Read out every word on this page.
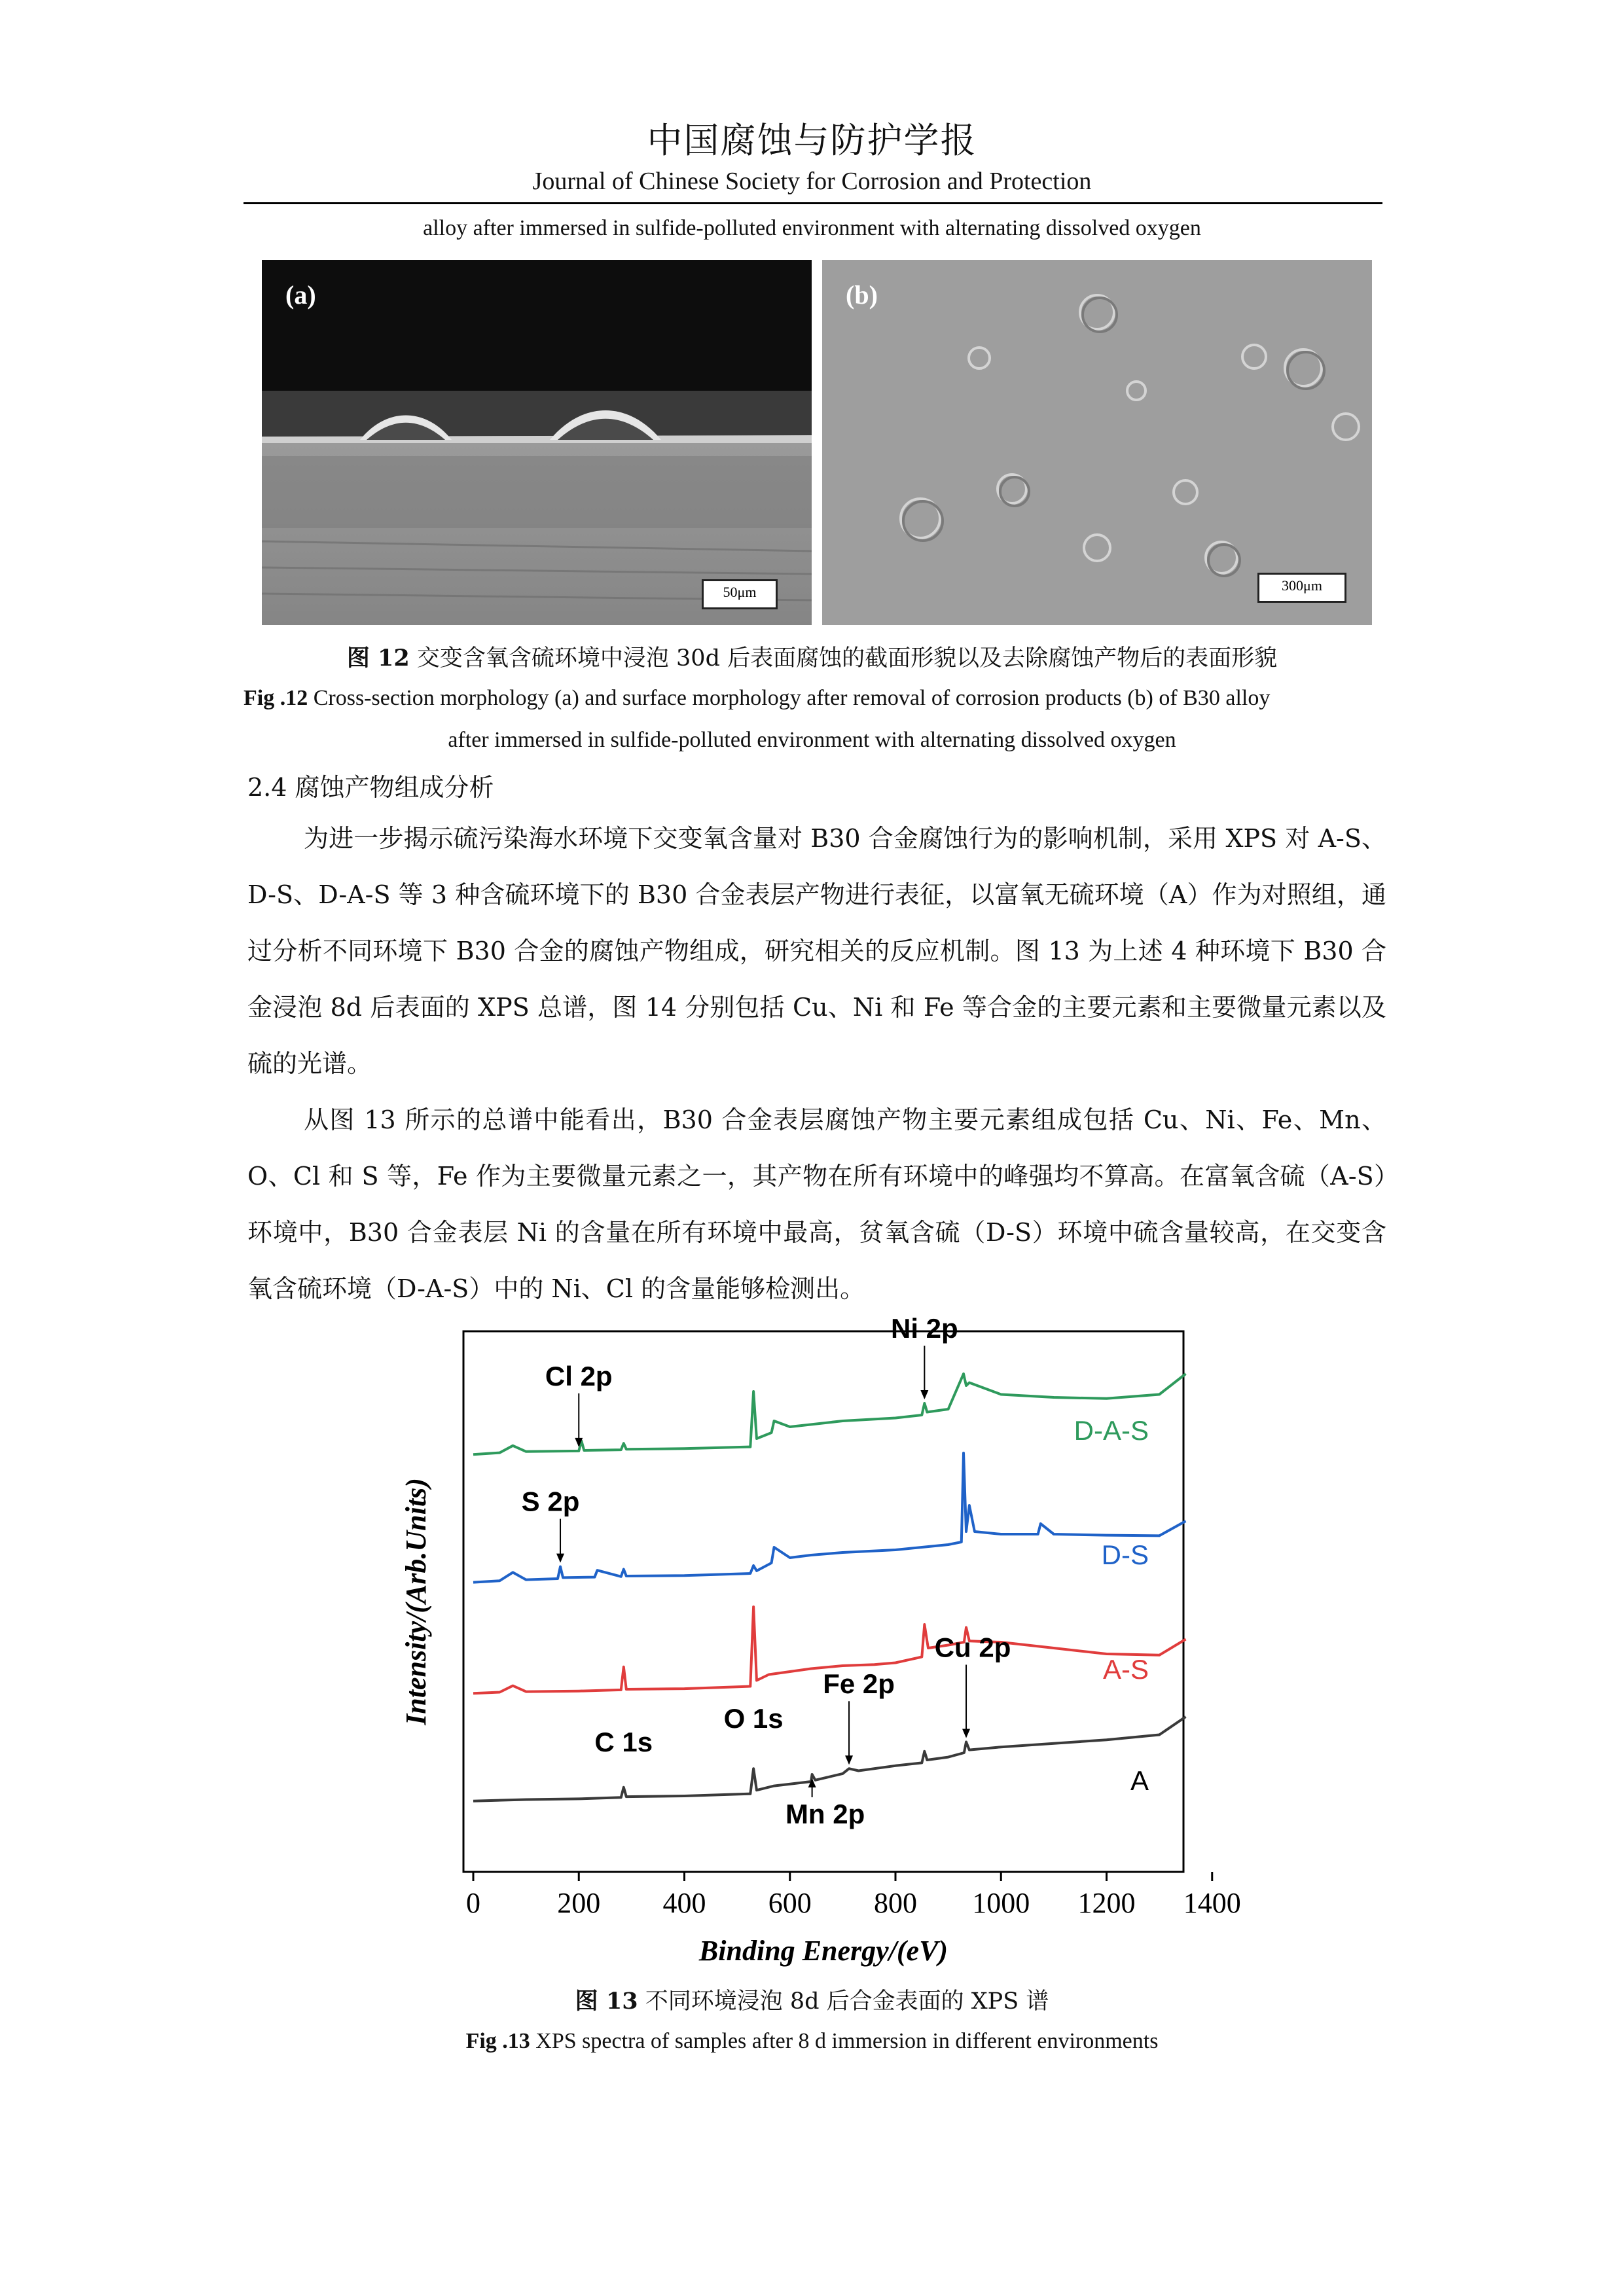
中国腐蚀与防护学报
Journal of Chinese Society for Corrosion and Protection
alloy after immersed in sulfide-polluted environment with alternating dissolved oxygen
(a)
50μm
(b)
300μm
图 12 交变含氧含硫环境中浸泡 30d 后表面腐蚀的截面形貌以及去除腐蚀产物后的表面形貌
Fig .12 Cross-section morphology (a) and surface morphology after removal of corrosion products (b) of B30 alloy
after immersed in sulfide-polluted environment with alternating dissolved oxygen
2.4 腐蚀产物组成分析
为进一步揭示硫污染海水环境下交变氧含量对 B30 合金腐蚀行为的影响机制，采用 XPS 对 A-S、D-S、D-A-S 等 3 种含硫环境下的 B30 合金表层产物进行表征，以富氧无硫环境（A）作为对照组，通过分析不同环境下 B30 合金的腐蚀产物组成，研究相关的反应机制。图 13 为上述 4 种环境下 B30 合金浸泡 8d 后表面的 XPS 总谱，图 14 分别包括 Cu、Ni 和 Fe 等合金的主要元素和主要微量元素以及硫的光谱。
从图 13 所示的总谱中能看出，B30 合金表层腐蚀产物主要元素组成包括 Cu、Ni、Fe、Mn、O、Cl 和 S 等，Fe 作为主要微量元素之一，其产物在所有环境中的峰强均不算高。在富氧含硫（A-S）环境中，B30 合金表层 Ni 的含量在所有环境中最高，贫氧含硫（D-S）环境中硫含量较高，在交变含氧含硫环境（D-A-S）中的 Ni、Cl 的含量能够检测出。
0	200 400 600 800 1000 1200 1400
Binding Energy/(eV)
Intensity/(Arb.Units)
A
A-S
D-S
D-A-S
Cl 2p
Ni 2p
S 2p
C 1s
O 1s
Fe 2p
Cu 2p
Mn 2p
图 13 不同环境浸泡 8d 后合金表面的 XPS 谱
Fig .13 XPS spectra of samples after 8 d immersion in different environments
